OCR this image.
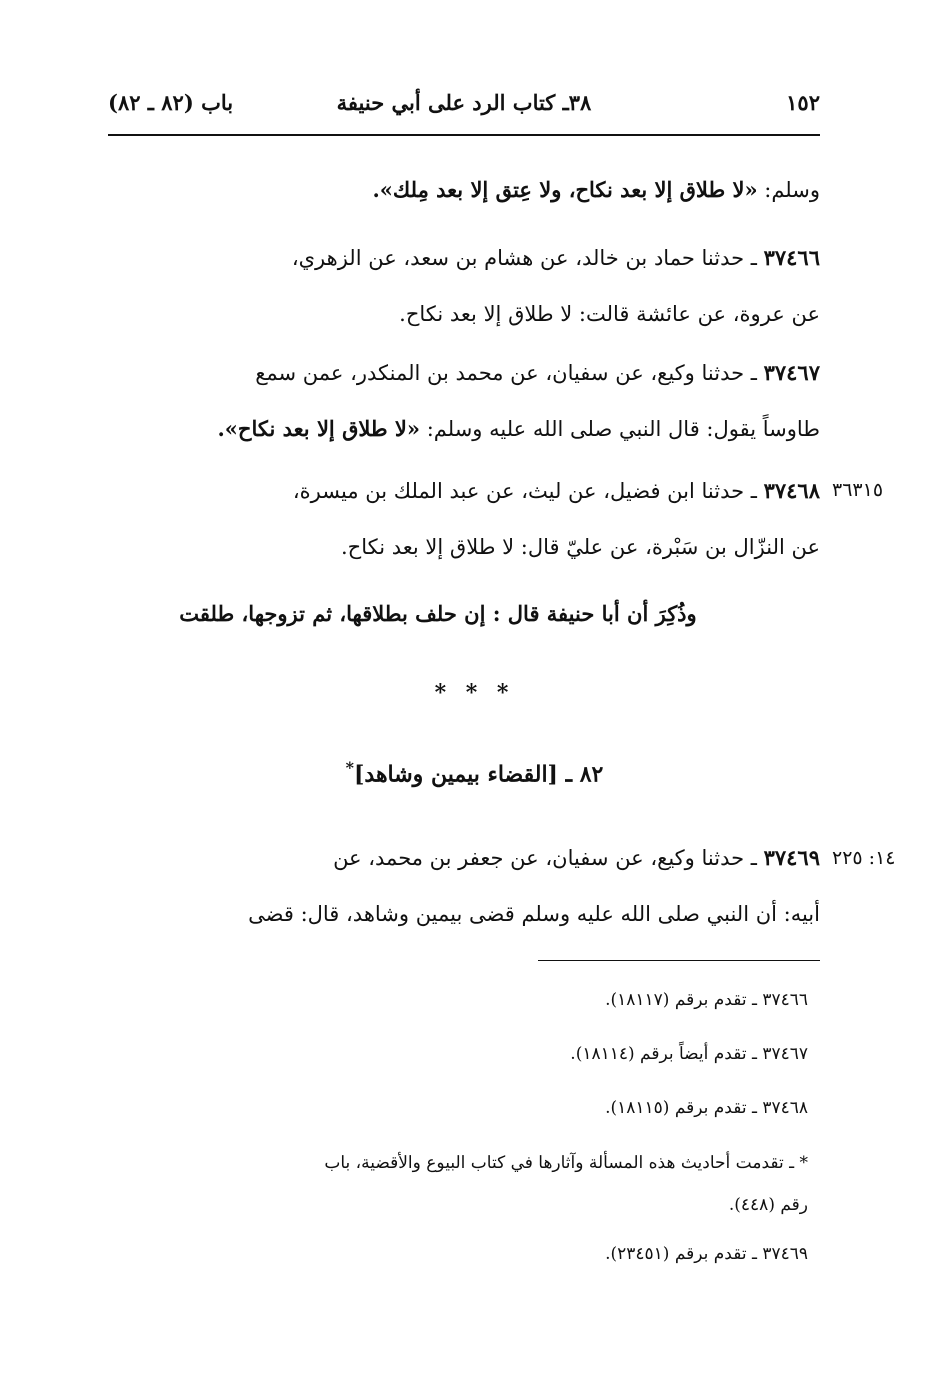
١٥٢
٣٨ـ كتاب الرد على أبي حنيفة
باب (٨٢ ـ ٨٢)
وسلم: «لا طلاق إلا بعد نكاح، ولا عِتق إلا بعد مِلك».
٣٧٤٦٦ ـ حدثنا حماد بن خالد، عن هشام بن سعد، عن الزهري،
عن عروة، عن عائشة قالت: لا طلاق إلا بعد نكاح.
٣٧٤٦٧ ـ حدثنا وكيع، عن سفيان، عن محمد بن المنكدر، عمن سمع
طاوساً يقول: قال النبي صلى الله عليه وسلم: «لا طلاق إلا بعد نكاح».
٣٦٣١٥
٣٧٤٦٨ ـ حدثنا ابن فضيل، عن ليث، عن عبد الملك بن ميسرة،
عن النزّال بن سَبْرة، عن عليّ قال: لا طلاق إلا بعد نكاح.
وذُكِرَ أن أبا حنيفة قال : إن حلف بطلاقها، ثم تزوجها، طلقت
* * *
٨٢ ـ [القضاء بيمين وشاهد]*
١٤: ٢٢٥
٣٧٤٦٩ ـ حدثنا وكيع، عن سفيان، عن جعفر بن محمد، عن
أبيه: أن النبي صلى الله عليه وسلم قضى بيمين وشاهد، قال: قضى
٣٧٤٦٦ ـ تقدم برقم (١٨١١٧).
٣٧٤٦٧ ـ تقدم أيضاً برقم (١٨١١٤).
٣٧٤٦٨ ـ تقدم برقم (١٨١١٥).
* ـ تقدمت أحاديث هذه المسألة وآثارها في كتاب البيوع والأقضية، باب
رقم (٤٤٨).
٣٧٤٦٩ ـ تقدم برقم (٢٣٤٥١).
